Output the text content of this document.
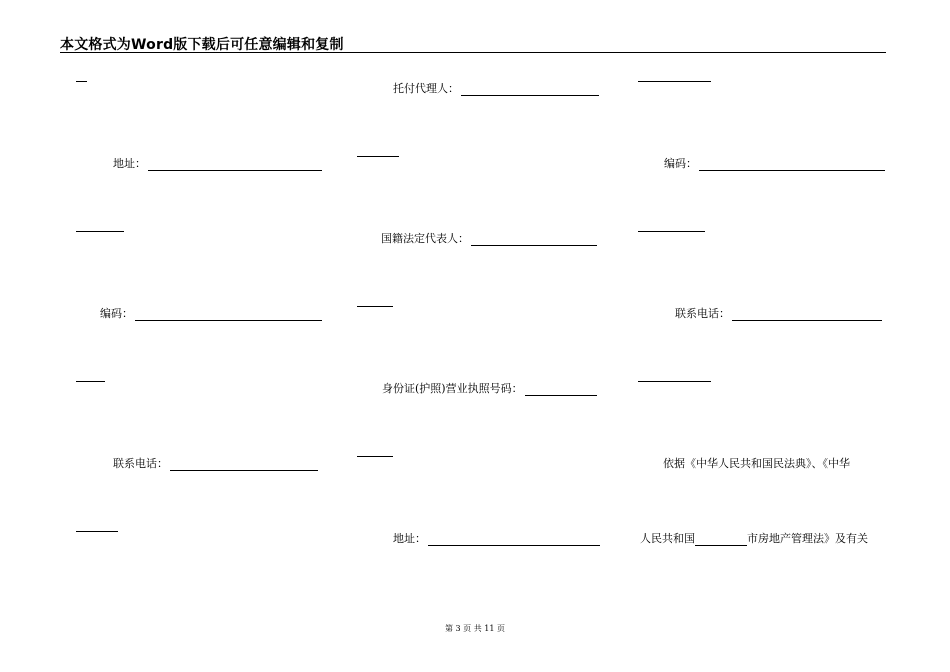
本文格式为Word版下载后可任意编辑和复制
托付代理人：
地址：	编码：
国籍法定代表人：
编码：	联系电话：
身份证(护照)营业执照号码：
联系电话：	依据《中华人民共和国民法典》、《中华
地址：	人民共和国	市房地产管理法》及有关
第 3 页 共 11 页
